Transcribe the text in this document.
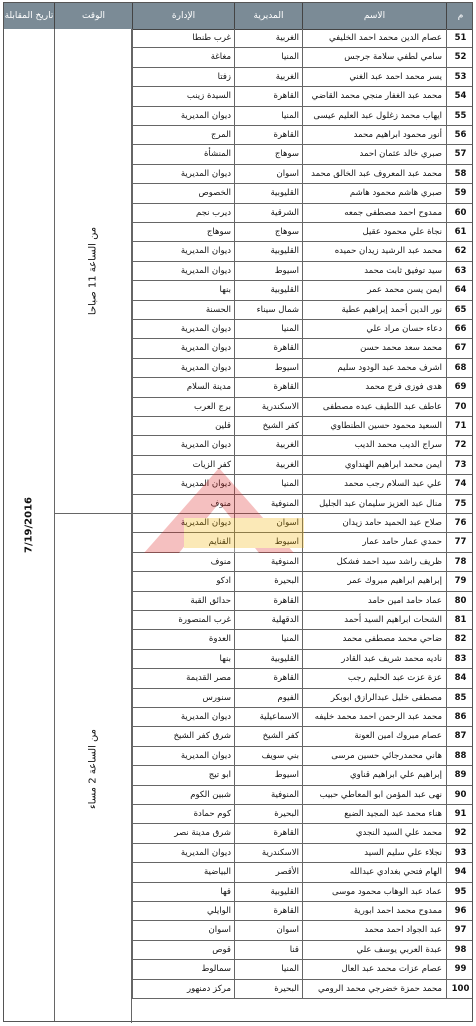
م
الاسم
المديرية
الإدارة
الوقت
تاريخ المقابلة
51
عصام الدين محمد احمد الخليفي
الغربية
غرب طنطا
52
سامي لطفي سلامة جرجس
المنيا
مغاغة
53
يسر محمد احمد عبد الغني
الغربية
زفتا
54
محمد عبد الغفار منجي محمد القاضي
القاهرة
السيدة زينب
55
ايهاب محمد زغلول عبد العليم عيسى
المنيا
ديوان المديرية
56
أنور محمود ابراهيم محمد
القاهرة
المرج
57
صبري خالد عثمان احمد
سوهاج
المنشأة
58
محمد عبد المعروف عبد الخالق محمد
اسوان
ديوان المديرية
59
صبري هاشم محمود هاشم
القليوبية
الخصوص
60
ممدوح احمد مصطفى جمعه
الشرقية
ديرب نجم
61
نجاة علي محمود عقيل
سوهاج
سوهاج
62
محمد عبد الرشيد زيدان حميده
القليوبية
ديوان المديرية
63
سيد توفيق ثابت محمد
اسيوط
ديوان المديرية
64
ايمن يسن محمد عمر
القليوبية
بنها
65
نور الدين أحمد إبراهيم عطية
شمال سيناء
الحسنة
66
دعاء حسان مراد علي
المنيا
ديوان المديرية
67
محمد سعد محمد حسن
القاهرة
ديوان المديرية
68
اشرف محمد عبد الودود سليم
اسيوط
ديوان المديرية
69
هدى فوزى فرج محمد
القاهرة
مدينة السلام
70
عاطف عبد اللطيف عبده مصطفى
الاسكندرية
برج العرب
71
السعيد محمود حسين الطنطاوي
كفر الشيخ
قلين
72
سراج الديب محمد الديب
الغربية
ديوان المديرية
73
ايمن محمد ابراهيم الهنداوي
الغربية
كفر الزيات
74
علي عبد السلام رجب محمد
المنيا
ديوان المديرية
75
منال عبد العزيز سليمان عبد الجليل
المنوفية
منوف
76
صلاح عبد الحميد حامد زيدان
اسوان
ديوان المديرية
77
حمدي عمار حامد عمار
اسيوط
القنايم
78
ظريف راشد سيد احمد فشكل
المنوفية
منوف
79
إبراهيم ابراهيم مبروك عمر
البحيرة
ادكو
80
عماد حامد امين حامد
القاهرة
حدائق القبة
81
الشحات ابراهيم السيد أحمد
الدقهلية
غرب المنصورة
82
ضاحي محمد مصطفى محمد
المنيا
العدوة
83
ناديه محمد شريف عبد القادر
القليوبية
بنها
84
عزة عزت عبد الحليم رجب
القاهرة
مصر القديمة
85
مصطفى خليل عبدالرازق ابوبكر
الفيوم
سنورس
86
محمد عبد الرحمن احمد محمد خليفه
الاسماعيلية
ديوان المديرية
87
عصام مبروك امين العونة
كفر الشيخ
شرق كفر الشيخ
88
هاني محمدرجائي حسين مرسى
بني سويف
ديوان المديرية
89
إبراهيم علي ابراهيم قناوي
اسيوط
ابو تيج
90
نهى عبد المؤمن ابو المعاطي حبيب
المنوفية
شبين الكوم
91
هناء محمد عبد المجيد الضبع
البحيرة
كوم حمادة
92
محمد علي السيد النجدي
القاهرة
شرق مدينة نصر
93
نجلاء علي سليم السيد
الاسكندرية
ديوان المديرية
94
الهام فتحي بغدادي عبدالله
الأقصر
البياضية
95
عماد عبد الوهاب محمود موسى
القليوبية
قها
96
ممدوح محمد احمد ابورية
القاهرة
الوايلي
97
عبد الجواد احمد محمد
اسوان
اسوان
98
عبدة العربي يوسف علي
قنا
قوص
99
عصام عزات محمد عبد العال
المنيا
سمالوط
100
محمد حمزة خضرجي محمد الرومي
البحيرة
مركز دمنهور
7/19/2016
من الساعة 11 صباحا
من الساعة 2 مساء
